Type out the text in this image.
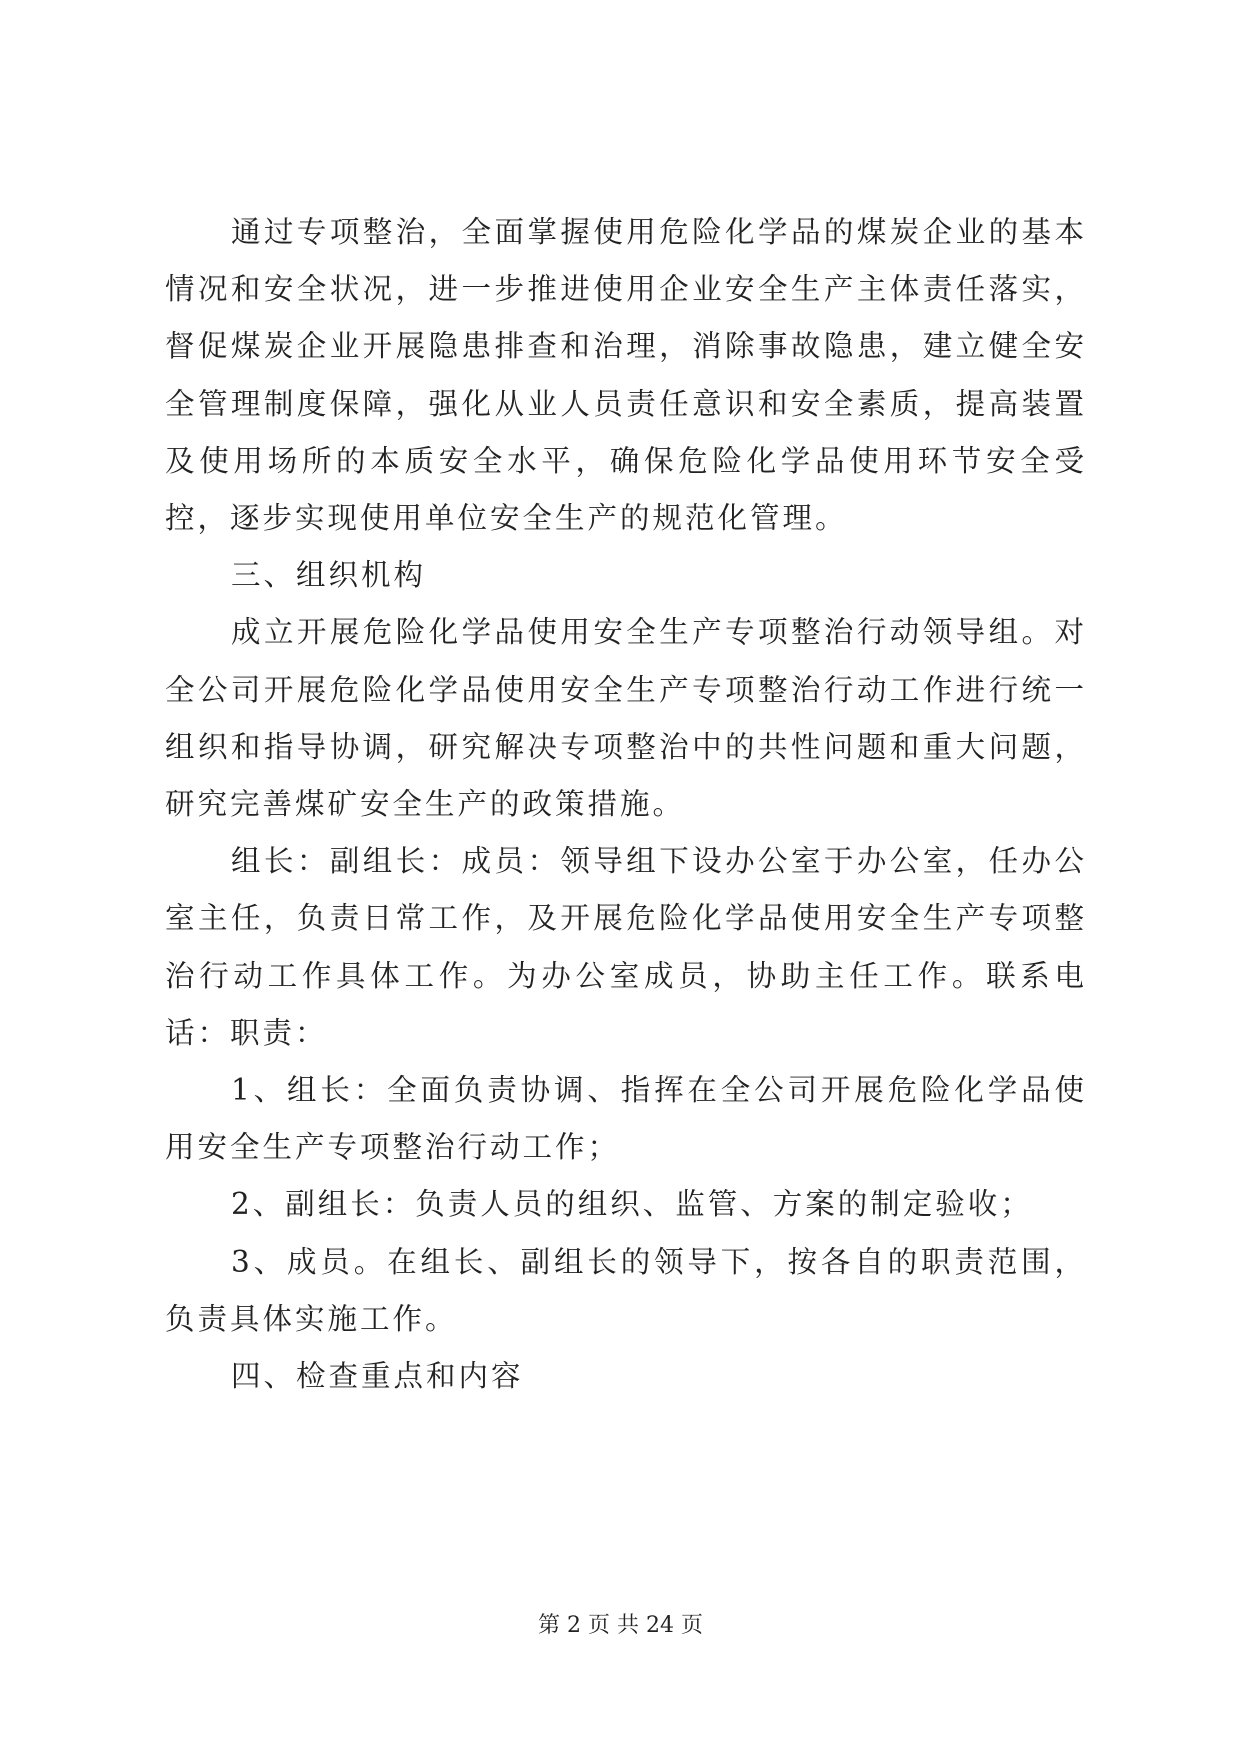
通过专项整治，全面掌握使用危险化学品的煤炭企业的基本情况和安全状况，进一步推进使用企业安全生产主体责任落实，督促煤炭企业开展隐患排查和治理，消除事故隐患，建立健全安全管理制度保障，强化从业人员责任意识和安全素质，提高装置及使用场所的本质安全水平，确保危险化学品使用环节安全受控，逐步实现使用单位安全生产的规范化管理。

三、组织机构

成立开展危险化学品使用安全生产专项整治行动领导组。对全公司开展危险化学品使用安全生产专项整治行动工作进行统一组织和指导协调，研究解决专项整治中的共性问题和重大问题，研究完善煤矿安全生产的政策措施。

组长：副组长：成员：领导组下设办公室于办公室，任办公室主任，负责日常工作，及开展危险化学品使用安全生产专项整治行动工作具体工作。为办公室成员，协助主任工作。联系电话：职责：

1、组长：全面负责协调、指挥在全公司开展危险化学品使用安全生产专项整治行动工作；

2、副组长：负责人员的组织、监管、方案的制定验收；

3、成员。在组长、副组长的领导下，按各自的职责范围，负责具体实施工作。

四、检查重点和内容

第 2 页 共 24 页
